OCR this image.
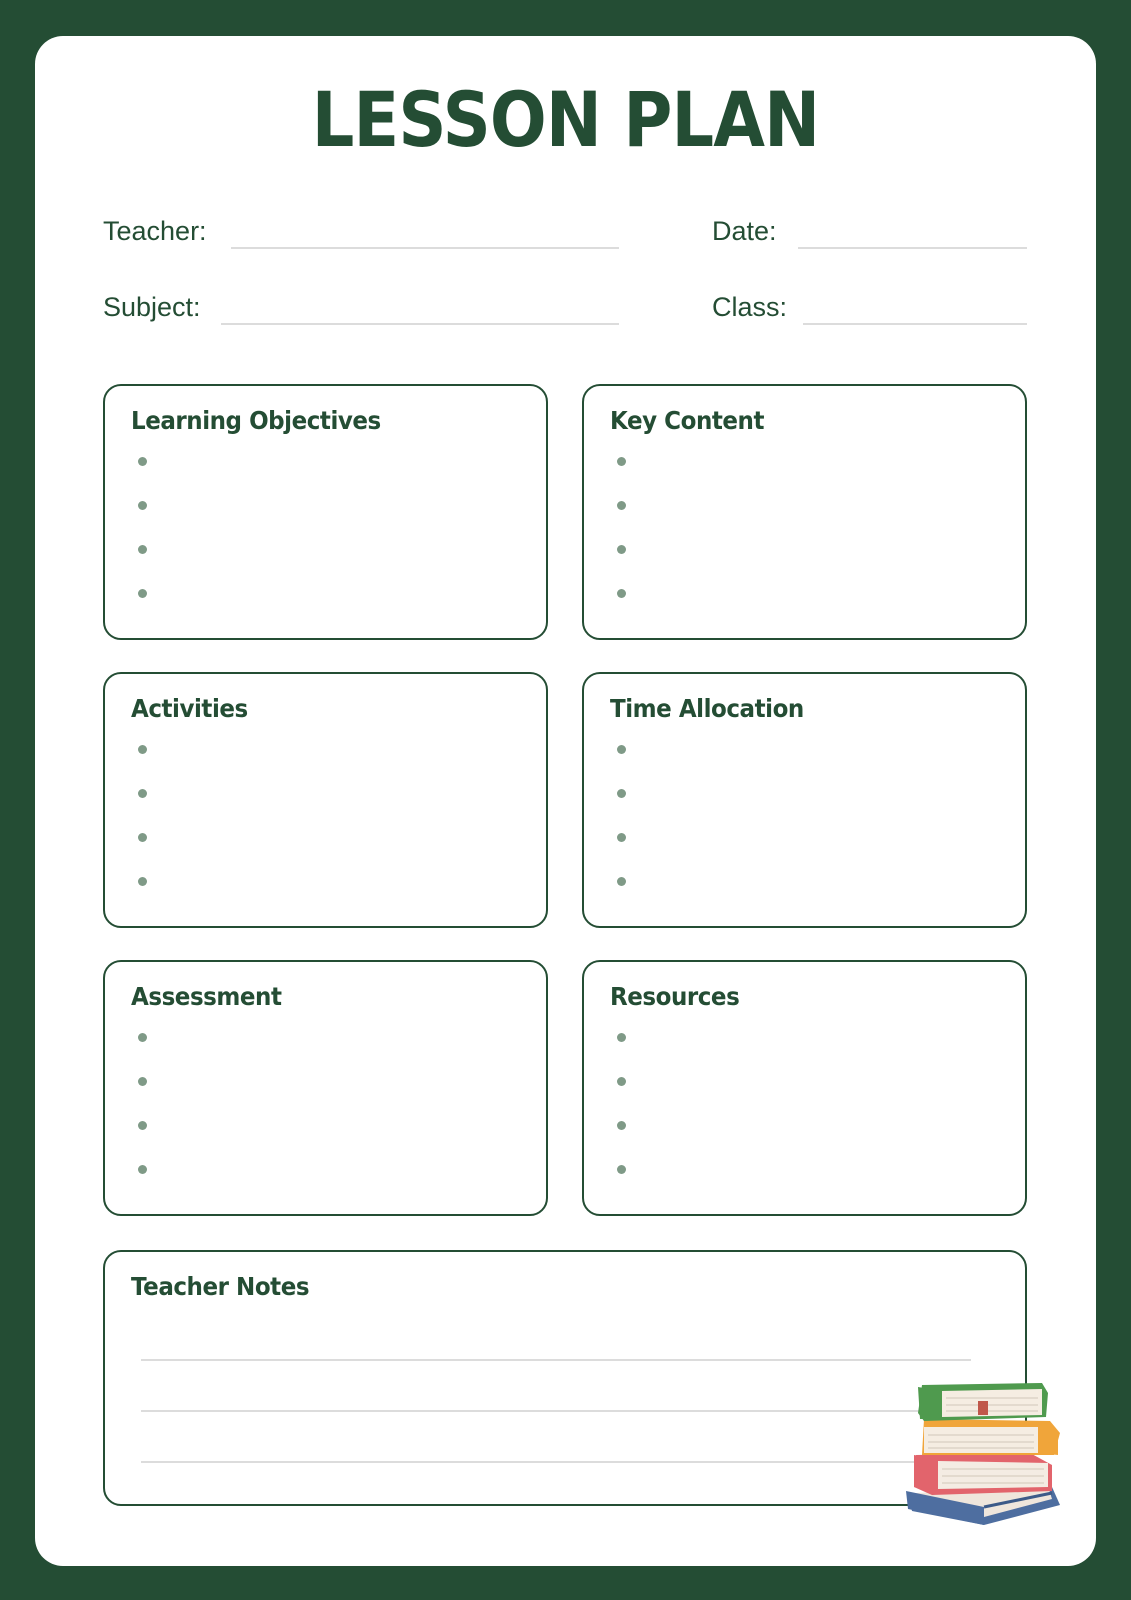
LESSON PLAN
Teacher:	Date:
Subject:	Class:
Learning Objectives	Key Content
Activities	Time Allocation
Assessment	Resources
Teacher Notes
